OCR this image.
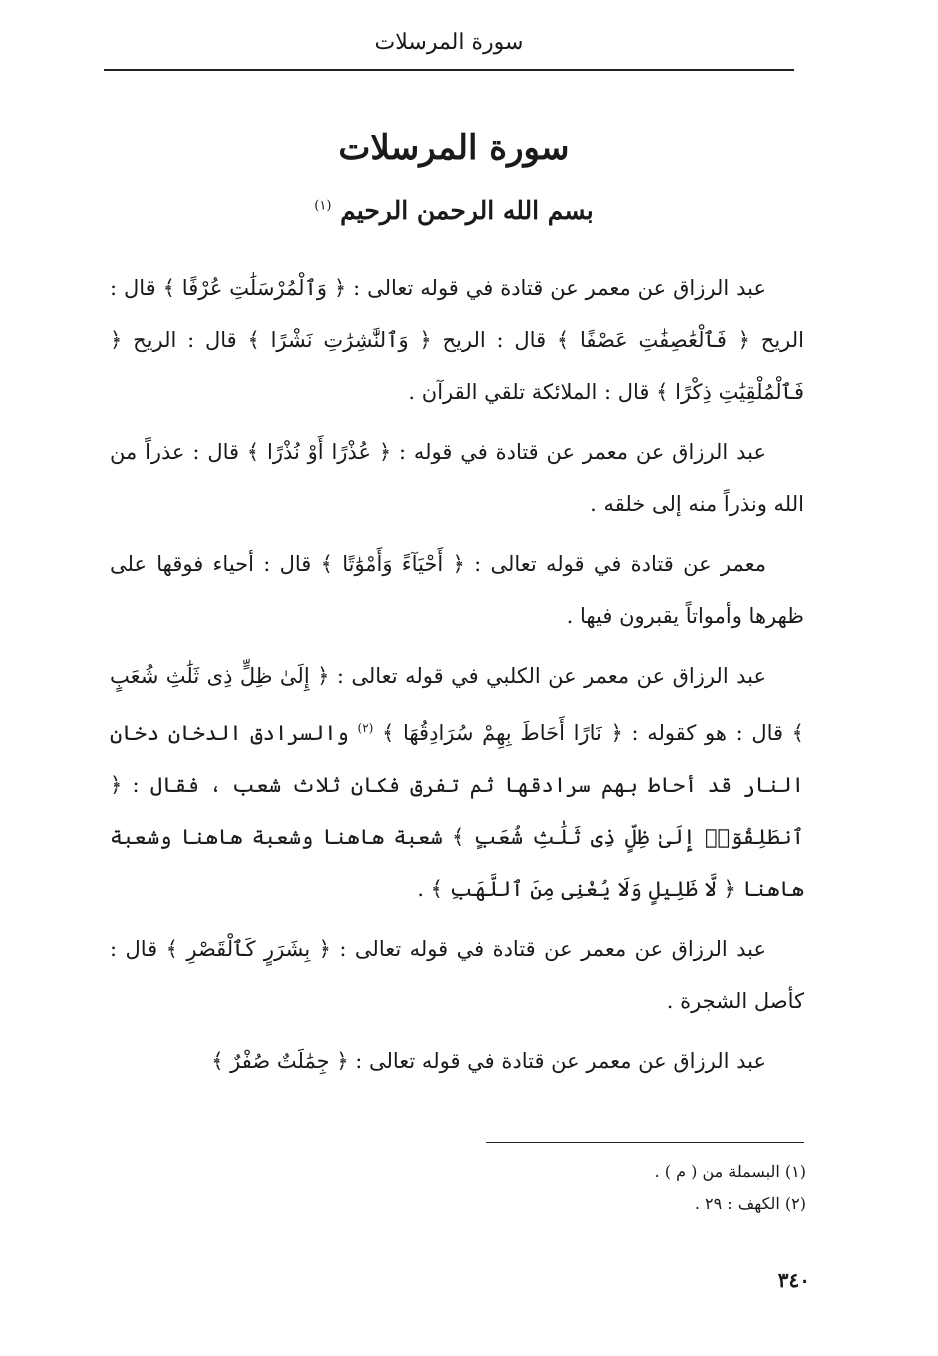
سورة المرسلات
سورة المرسلات
بسم الله الرحمن الرحيم $^{(١)}$

عبد الرزاق عن معمر عن قتادة في قوله تعالى : ﴿ وَٱلْمُرْسَلَٰتِ عُرْفًا ﴾ قال : الريح ﴿ فَٱلْعَٰصِفَٰتِ عَصْفًا ﴾ قال : الريح ﴿ وَٱلنَّٰشِرَٰتِ نَشْرًا ﴾ قال : الريح ﴿ فَٱلْمُلْقِيَٰتِ ذِكْرًا ﴾ قال : الملائكة تلقي القرآن .

عبد الرزاق عن معمر عن قتادة في قوله : ﴿ عُذْرًا أَوْ نُذْرًا ﴾ قال : عذراً من الله ونذراً منه إلى خلقه .

معمر عن قتادة في قوله تعالى : ﴿ أَحْيَآءً وَأَمْوَٰتًا ﴾ قال : أحياء فوقها على ظهرها وأمواتاً يقبرون فيها .

عبد الرزاق عن معمر عن الكلبي في قوله تعالى : ﴿ إِلَىٰ ظِلٍّ ذِى ثَلَٰثِ شُعَبٍ ﴾ قال : هو كقوله : ﴿ نَارًا أَحَاطَ بِهِمْ سُرَادِقُهَا ﴾ $^{(٢)}$ والسرادق الدخان دخان النار قد أحاط بهم سرادقها ثم تفرق فكان ثلاث شعب ، فقال : ﴿ ٱنطَلِقُوٓا۟ إِلَىٰ ظِلٍّ ذِى ثَلَٰثِ شُعَبٍ ﴾ شعبة هاهنا وشعبة هاهنا وشعبة هاهنا ﴿ لَّا ظَلِيلٍ وَلَا يُغْنِى مِنَ ٱللَّهَبِ ﴾ .

عبد الرزاق عن معمر عن قتادة في قوله تعالى : ﴿ بِشَرَرٍ كَٱلْقَصْرِ ﴾ قال : كأصل الشجرة .

عبد الرزاق عن معمر عن قتادة في قوله تعالى : ﴿ جِمَٰلَتٌ صُفْرٌ ﴾

(١) البسملة من ( م ) .

(٢) الكهف : ٢٩ .

٣٤٠
